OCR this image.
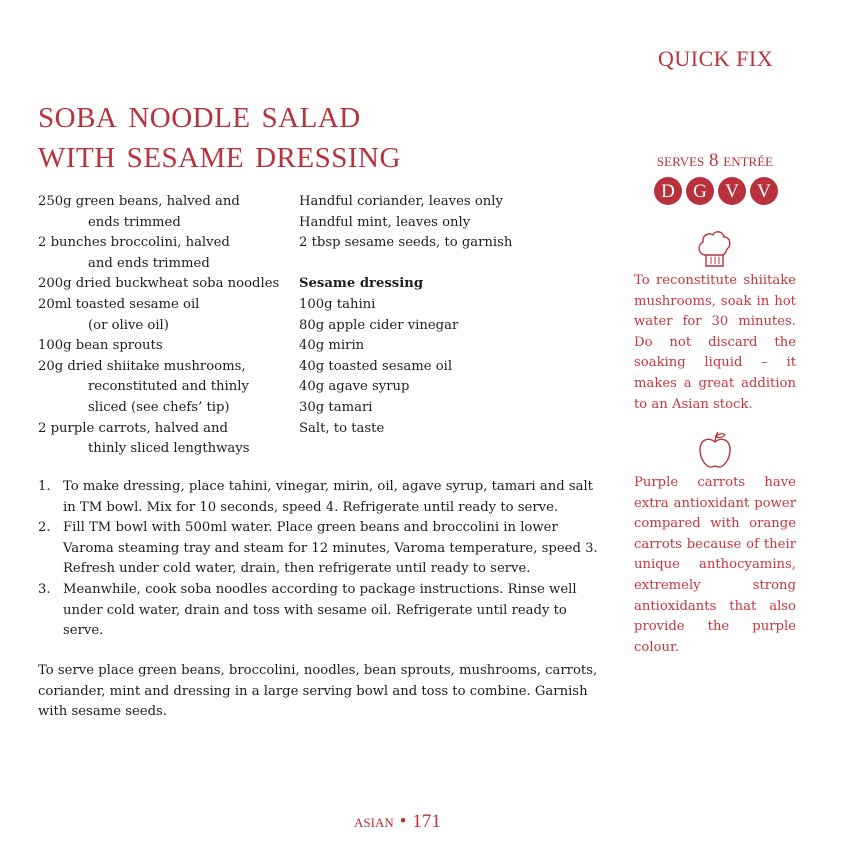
QUICK FIX
soba noodle salad
with sesame dressing
250g green beans, halved and
ends trimmed
2 bunches broccolini, halved
and ends trimmed
200g dried buckwheat soba noodles
20ml toasted sesame oil
(or olive oil)
100g bean sprouts
20g dried shiitake mushrooms,
reconstituted and thinly
sliced (see chefs’ tip)
2 purple carrots, halved and
thinly sliced lengthways
Handful coriander, leaves only
Handful mint, leaves only
2 tbsp sesame seeds, to garnish
Sesame dressing
100g tahini
80g apple cider vinegar
40g mirin
40g toasted sesame oil
40g agave syrup
30g tamari
Salt, to taste
1. To make dressing, place tahini, vinegar, mirin, oil, agave syrup, tamari and salt in TM bowl. Mix for 10 seconds, speed 4. Refrigerate until ready to serve.
2. Fill TM bowl with 500ml water. Place green beans and broccolini in lower Varoma steaming tray and steam for 12 minutes, Varoma temperature, speed 3. Refresh under cold water, drain, then refrigerate until ready to serve.
3. Meanwhile, cook soba noodles according to package instructions. Rinse well under cold water, drain and toss with sesame oil. Refrigerate until ready to serve.
To serve place green beans, broccolini, noodles, bean sprouts, mushrooms, carrots, coriander, mint and dressing in a large serving bowl and toss to combine. Garnish with sesame seeds.
serves 8 entrée
D G V V
+
To reconstitute shiitake mushrooms, soak in hot water for 30 minutes. Do not discard the soaking liquid – it makes a great addition to an Asian stock.
Purple carrots have extra antioxidant power compared with orange carrots because of their unique anthocyamins, extremely strong antioxidants that also provide the purple colour.
asian • 171
